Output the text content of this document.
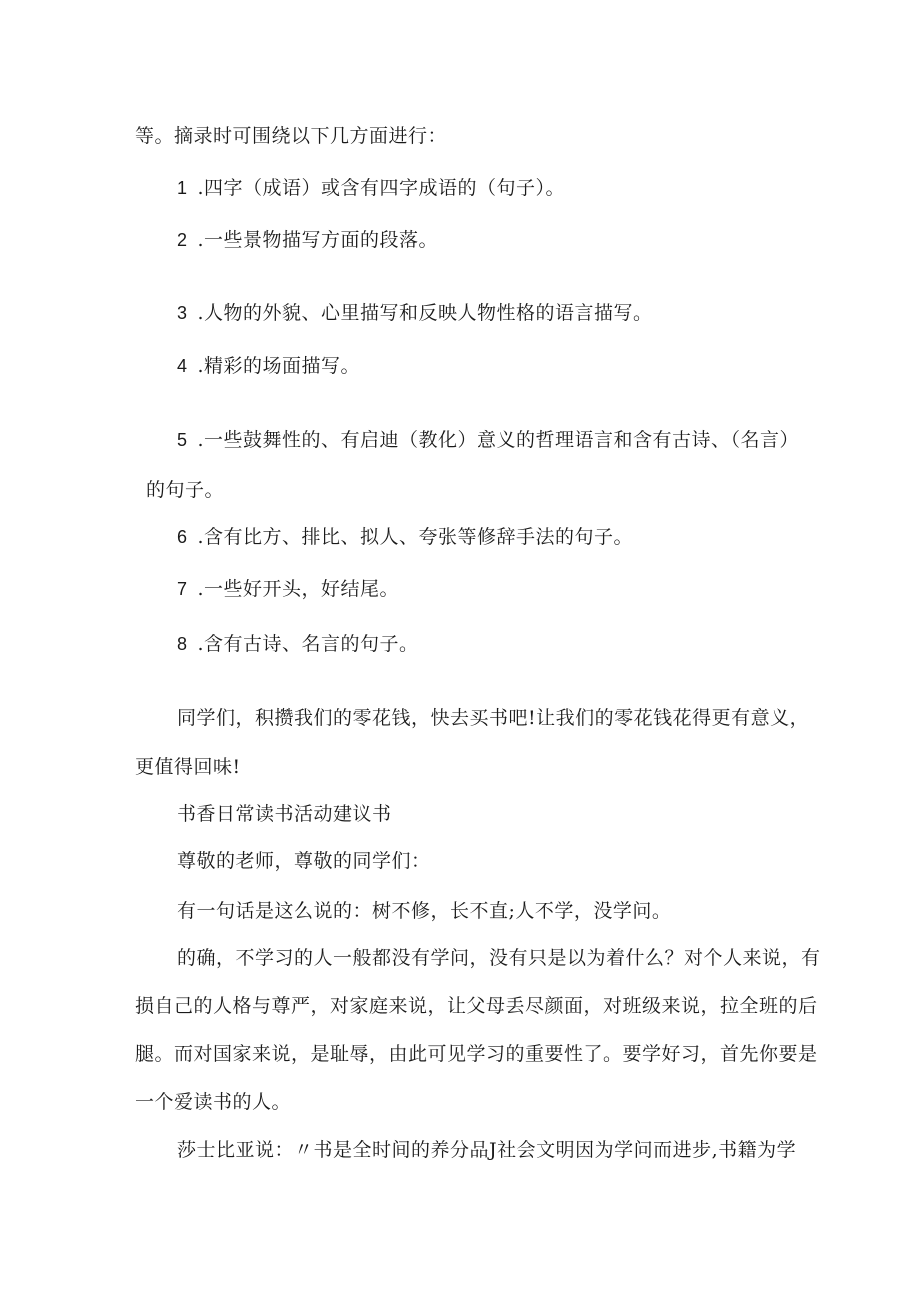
等。摘录时可围绕以下几方面进行：

1 .四字（成语）或含有四字成语的（句子）。

2 .一些景物描写方面的段落。

3 .人物的外貌、心里描写和反映人物性格的语言描写。

4 .精彩的场面描写。

5 .一些鼓舞性的、有启迪（教化）意义的哲理语言和含有古诗、（名言）

的句子。

6 .含有比方、排比、拟人、夸张等修辞手法的句子。

7 .一些好开头，好结尾。

8 .含有古诗、名言的句子。

同学们，积攒我们的零花钱，快去买书吧!让我们的零花钱花得更有意义，

更值得回味!

书香日常读书活动建议书

尊敬的老师，尊敬的同学们：

有一句话是这么说的：树不修，长不直;人不学，没学问。

的确，不学习的人一般都没有学问，没有只是以为着什么？对个人来说，有

损自己的人格与尊严，对家庭来说，让父母丢尽颜面，对班级来说，拉全班的后

腿。而对国家来说，是耻辱，由此可见学习的重要性了。要学好习，首先你要是

一个爱读书的人。

莎士比亚说：〃书是全时间的养分品J社会文明因为学问而进步,书籍为学
